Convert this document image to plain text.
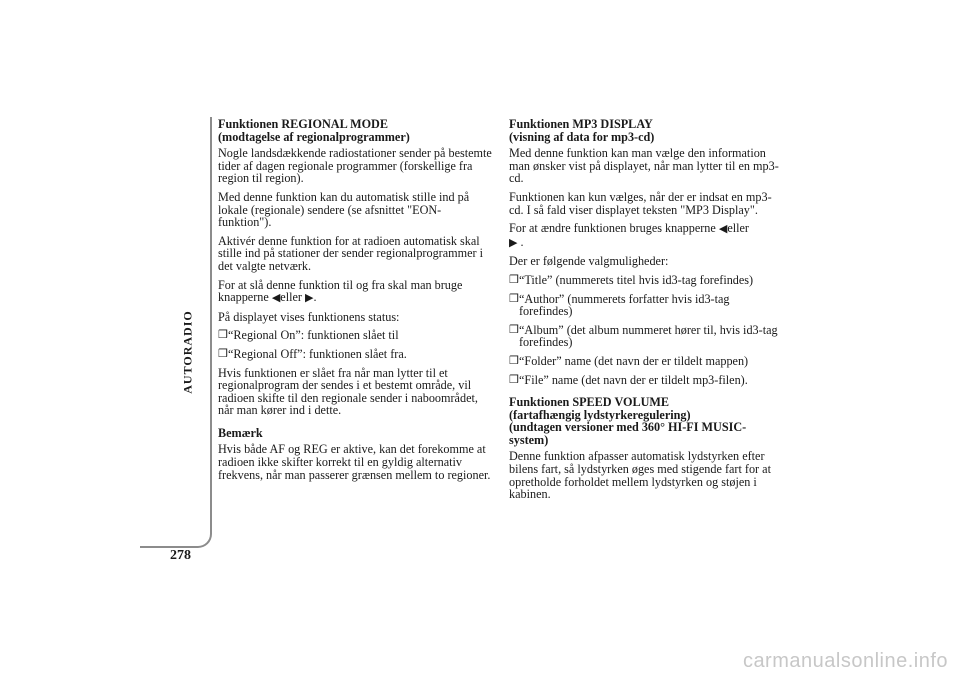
AUTORADIO
278
Funktionen REGIONAL MODE
(modtagelse af regionalprogrammer)

Nogle landsdækkende radiostationer sender på bestemte tider af dagen regionale programmer (forskellige fra region til region).

Med denne funktion kan du automatisk stille ind på lokale (regionale) sendere (se afsnittet "EON-funktion").

Aktivér denne funktion for at radioen automatisk skal stille ind på stationer der sender regionalprogrammer i det valgte netværk.

For at slå denne funktion til og fra skal man bruge knapperne ◀eller ▶.

På displayet vises funktionens status:

❒ “Regional On”: funktionen slået til
❒ “Regional Off”: funktionen slået fra.

Hvis funktionen er slået fra når man lytter til et regionalprogram der sendes i et bestemt område, vil radioen skifte til den regionale sender i naboområdet, når man kører ind i dette.

Bemærk

Hvis både AF og REG er aktive, kan det forekomme at radioen ikke skifter korrekt til en gyldig alternativ frekvens, når man passerer grænsen mellem to regioner.

Funktionen MP3 DISPLAY
(visning af data for mp3-cd)

Med denne funktion kan man vælge den information man ønsker vist på displayet, når man lytter til en mp3-cd.

Funktionen kan kun vælges, når der er indsat en mp3-cd. I så fald viser displayet teksten "MP3 Display".

For at ændre funktionen bruges knapperne ◀eller
▶ .

Der er følgende valgmuligheder:

❒ “Title” (nummerets titel hvis id3-tag forefindes)
❒ “Author” (nummerets forfatter hvis id3-tag forefindes)
❒ “Album” (det album nummeret hører til, hvis id3-tag forefindes)
❒ “Folder” name (det navn der er tildelt mappen)
❒ “File” name (det navn der er tildelt mp3-filen).
Funktionen SPEED VOLUME
(fartafhængig lydstyrkeregulering)
(undtagen versioner med 360° HI-FI MUSIC-system)

Denne funktion afpasser automatisk lydstyrken efter bilens fart, så lydstyrken øges med stigende fart for at opretholde forholdet mellem lydstyrken og støjen i kabinen.

carmanualsonline.info
